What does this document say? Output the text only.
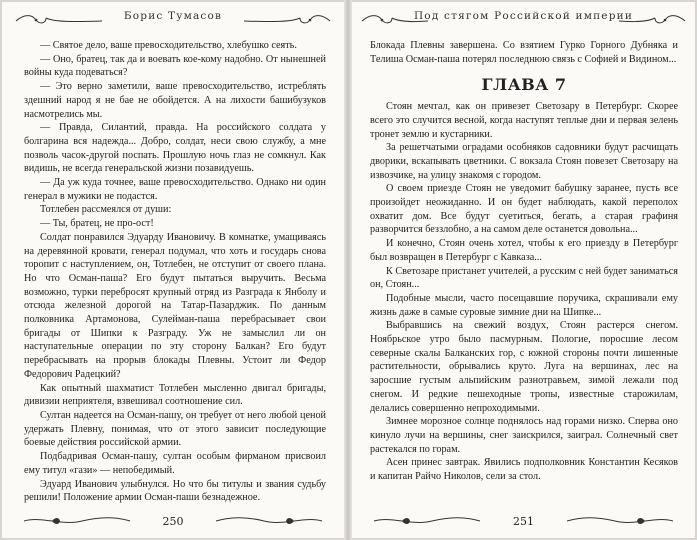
Борис Тумасов

— Святое дело, ваше превосходительство, хлебушко сеять.

— Оно, братец, так да и воевать кое-кому надобно. От нынешней войны куда подеваться?

— Это верно заметили, ваше превосходительство, истреблять здешний народ я не бае не обойдется. А на лихости башибузуков насмотрелись мы.

— Правда, Силантий, правда. На российского солдата у болгарина вся надежда... Добро, солдат, неси свою службу, а мне позволь часок-другой поспать. Прошлую ночь глаз не сомкнул. Как видишь, не всегда генеральской жизни позавидуешь.

— Да уж куда точнее, ваше превосходительство. Однако ни один генерал в мужики не подастся.

Тотлебен рассмеялся от души:

— Ты, братец, не про-ост!

Солдат понравился Эдуарду Ивановичу. В комнатке, умащиваясь на деревянной кровати, генерал подумал, что хоть и государь снова торопит с наступлением, он, Тотлебен, не отступит от своего плана. Но что Осман-паша? Его будут пытаться выручить. Весьма возможно, турки перебросят крупный отряд из Разграда к Янболу и отсюда железной дорогой на Татар-Пазарджик. По данным полковника Артамонова, Сулейман-паша перебрасывает свои бригады от Шипки к Разграду. Уж не замыслил ли он наступательные операции по эту сторону Балкан? Его будут перебрасывать на прорыв блокады Плевны. Устоит ли Федор Федорович Радецкий?

Как опытный шахматист Тотлебен мысленно двигал бригады, дивизии неприятеля, взвешивал соотношение сил.

Султан надеется на Осман-пашу, он требует от него любой ценой удержать Плевну, понимая, что от этого зависит последующие боевые действия российской армии.

Подбадривая Осман-пашу, султан особым фирманом присвоил ему титул «гази» — непобедимый.

Эдуард Иванович улыбнулся. Но что бы титулы и звания судьбу решили! Положение армии Осман-паши безнадежное.

250
Под стягом Российской империи

Блокада Плевны завершена. Со взятием Гурко Горного Дубняка и Телиша Осман-паша потерял последнюю связь с Софией и Видином...

ГЛАВА 7

Стоян мечтал, как он привезет Светозару в Петербург. Скорее всего это случится весной, когда наступят теплые дни и первая зелень тронет землю и кустарники.

За решетчатыми оградами особняков садовники будут расчищать дворики, вскапывать цветники. С вокзала Стоян повезет Светозару на извозчике, на улицу знакомя с городом.

О своем приезде Стоян не уведомит бабушку заранее, пусть все произойдет неожиданно. И он будет наблюдать, какой переполох охватит дом. Все будут суетиться, бегать, а старая графиня разворчится беззлобно, а на самом деле останется довольна...

И конечно, Стоян очень хотел, чтобы к его приезду в Петербург был возвращен в Петербург с Кавказа...

К Светозаре пристанет учителей, а русским с ней будет заниматься он, Стоян...

Подобные мысли, часто посещавшие поручика, скрашивали ему жизнь даже в самые суровые зимние дни на Шипке...

Выбравшись на свежий воздух, Стоян растерся снегом. Ноябрьское утро было пасмурным. Пологие, поросшие лесом северные скалы Балканских гор, с южной стороны почти лишенные растительности, обрывались круто. Луга на вершинах, лес на заросшие густым альпийским разнотравьем, зимой лежали под снегом. И редкие пешеходные тропы, известные старожилам, делались совершенно непроходимыми.

Зимнее морозное солнце поднялось над горами низко. Сперва оно кинуло лучи на вершины, снег заискрился, заиграл. Солнечный свет растекался по горам.

Асен принес завтрак. Явились подполковник Константин Кесяков и капитан Райчо Николов, сели за стол.

251
